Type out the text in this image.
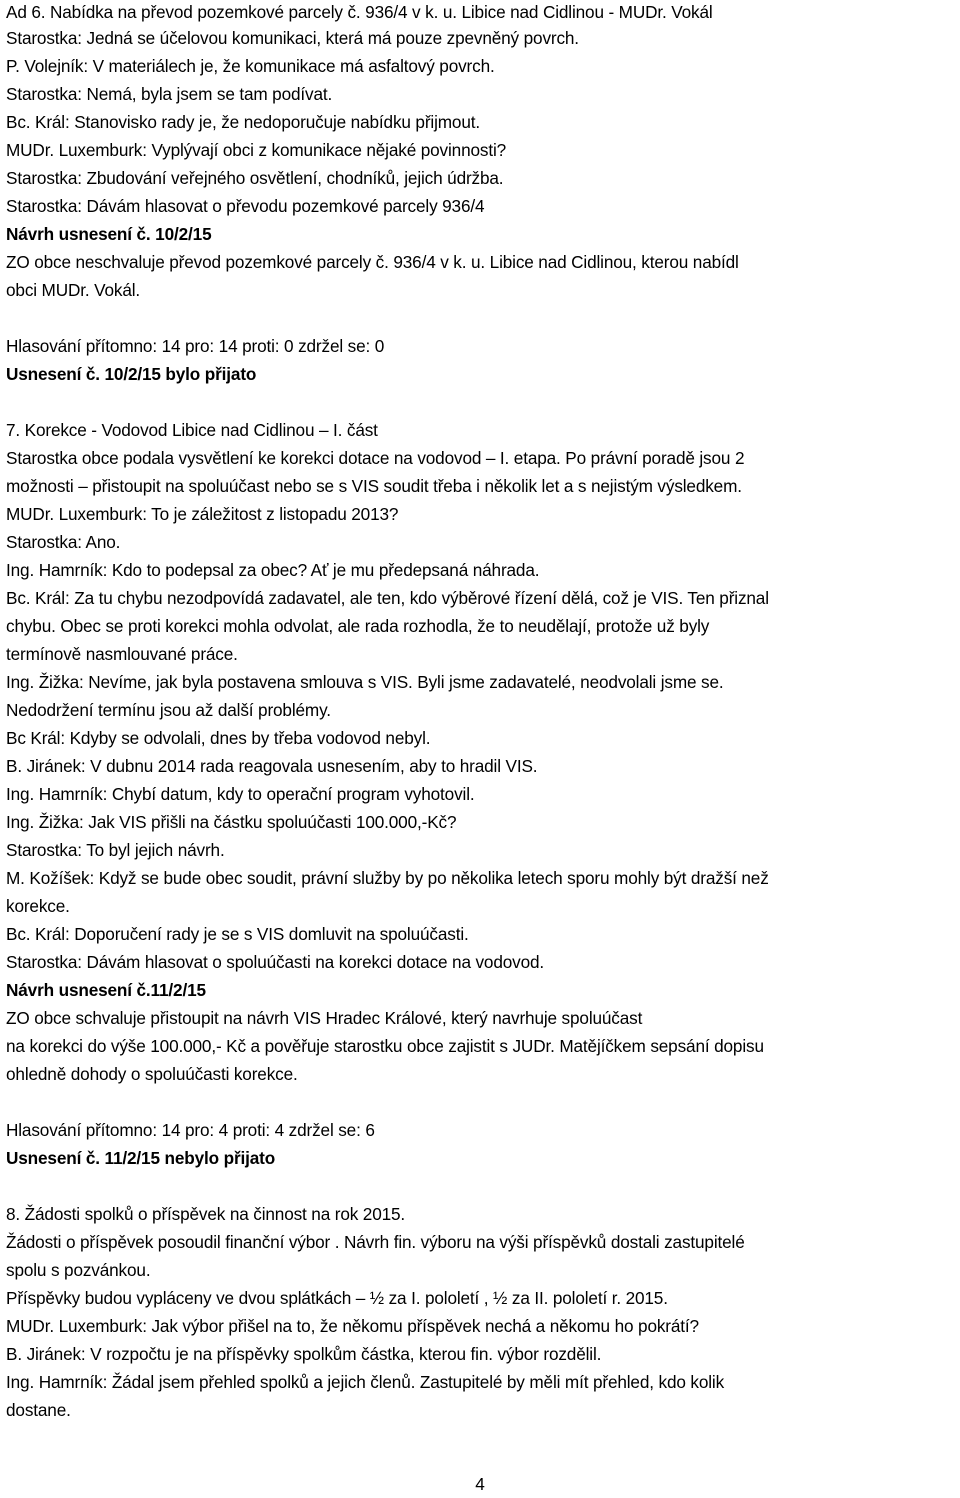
Ad 6. Nabídka na převod pozemkové parcely č. 936/4 v k. u. Libice nad Cidlinou - MUDr. Vokál

Starostka: Jedná se účelovou komunikaci, která má pouze zpevněný povrch.

P. Volejník: V materiálech je, že komunikace má asfaltový povrch.

Starostka: Nemá, byla jsem se tam podívat.

Bc. Král: Stanovisko rady je, že nedoporučuje nabídku přijmout.

MUDr. Luxemburk: Vyplývají obci z komunikace nějaké povinnosti?

Starostka: Zbudování veřejného osvětlení, chodníků, jejich údržba.

Starostka: Dávám hlasovat o převodu pozemkové parcely 936/4

Návrh usnesení č. 10/2/15

ZO obce neschvaluje převod pozemkové parcely č. 936/4 v k. u. Libice nad Cidlinou, kterou nabídl

obci MUDr. Vokál.

Hlasování přítomno: 14 pro: 14 proti: 0 zdržel se: 0

Usnesení č. 10/2/15 bylo přijato

7. Korekce - Vodovod Libice nad Cidlinou – I. část

Starostka obce podala vysvětlení ke korekci dotace na vodovod – I. etapa. Po právní poradě jsou 2

možnosti – přistoupit na spoluúčast nebo se s VIS soudit třeba i několik let a s nejistým výsledkem.

MUDr. Luxemburk: To je záležitost z listopadu 2013?

Starostka: Ano.

Ing. Hamrník: Kdo to podepsal za obec? Ať je mu předepsaná náhrada.

Bc. Král: Za tu chybu nezodpovídá zadavatel, ale ten, kdo výběrové řízení dělá, což je VIS. Ten přiznal

chybu. Obec se proti korekci mohla odvolat, ale rada rozhodla, že to neudělají, protože už byly

termínově nasmlouvané práce.

Ing. Žižka: Nevíme, jak byla postavena smlouva s VIS. Byli jsme zadavatelé, neodvolali jsme se.

Nedodržení termínu jsou až další problémy.

Bc Král: Kdyby se odvolali, dnes by třeba vodovod nebyl.

B. Jiránek: V dubnu 2014 rada reagovala usnesením, aby to hradil VIS.

Ing. Hamrník: Chybí datum, kdy to operační program vyhotovil.

Ing. Žižka: Jak VIS přišli na částku spoluúčasti 100.000,-Kč?

Starostka: To byl jejich návrh.

M. Kožíšek: Když se bude obec soudit, právní služby by po několika letech sporu mohly být dražší než

korekce.

Bc. Král: Doporučení rady je se s VIS domluvit na spoluúčasti.

Starostka: Dávám hlasovat o spoluúčasti na korekci dotace na vodovod.

Návrh usnesení č.11/2/15

ZO obce schvaluje přistoupit na návrh VIS Hradec Králové, který navrhuje spoluúčast

na korekci do výše 100.000,- Kč a pověřuje starostku obce zajistit s JUDr. Matějíčkem sepsání dopisu

ohledně dohody o spoluúčasti korekce.

Hlasování přítomno: 14 pro: 4 proti: 4 zdržel se: 6

Usnesení č. 11/2/15 nebylo přijato

8. Žádosti spolků o příspěvek na činnost na rok 2015.

Žádosti o příspěvek posoudil finanční výbor . Návrh fin. výboru na výši příspěvků dostali zastupitelé

spolu s pozvánkou.

Příspěvky budou vypláceny ve dvou splátkách – ½ za I. pololetí , ½ za II. pololetí r. 2015.

MUDr. Luxemburk: Jak výbor přišel na to, že někomu příspěvek nechá a někomu ho pokrátí?

B. Jiránek: V rozpočtu je na příspěvky spolkům částka, kterou fin. výbor rozdělil.

Ing. Hamrník: Žádal jsem přehled spolků a jejich členů. Zastupitelé by měli mít přehled, kdo kolik

dostane.

4
